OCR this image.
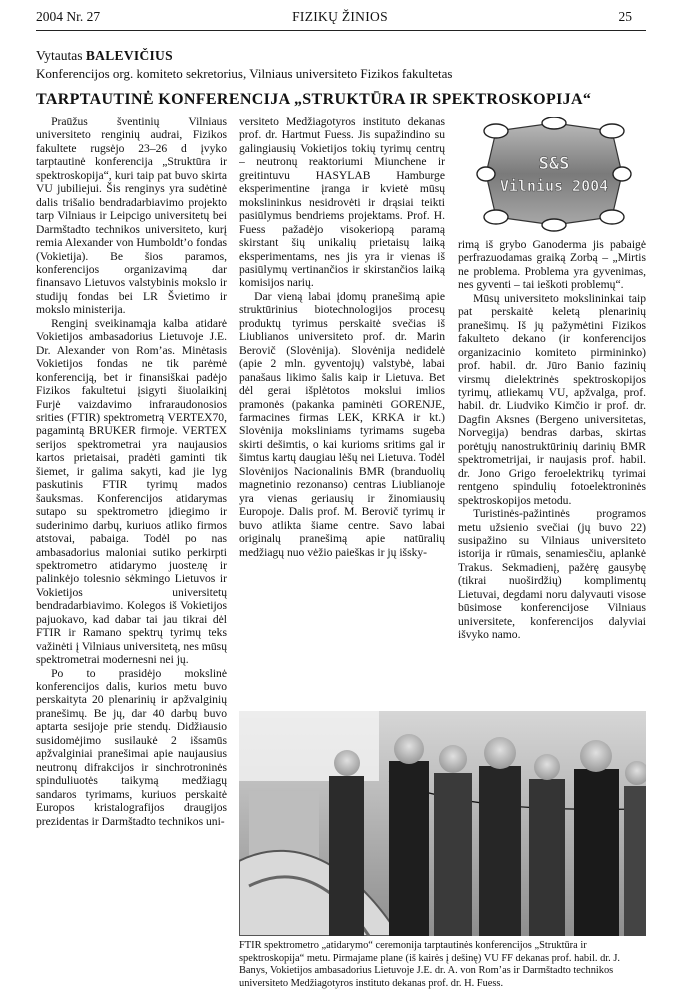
2004 Nr. 27	FIZIKŲ ŽINIOS	25
Vytautas BALEVIČIUS
Konferencijos org. komiteto sekretorius, Vilniaus universiteto Fizikos fakultetas
TARPTAUTINĖ KONFERENCIJA „STRUKTŪRA IR SPEKTROSKOPIJA“

Praūžus šventinių Vilniaus universiteto renginių audrai, Fizikos fakultete rugsėjo 23–26 d įvyko tarptautinė konferencija „Struktūra ir spektroskopija“, kuri taip pat buvo skirta VU jubiliejui. Šis renginys yra sudėtinė dalis trišalio bendradarbiavimo projekto tarp Vilniaus ir Leipcigo universitetų bei Darmštadto technikos universiteto, kurį remia Alexander von Humboldt’o fondas (Vokietija). Be šios paramos, konferencijos organizavimą dar finansavo Lietuvos valstybinis mokslo ir studijų fondas bei LR Švietimo ir mokslo ministerija.

Renginį sveikinamąja kalba atidarė Vokietijos ambasadorius Lietuvoje J.E. Dr. Alexander von Rom’as. Minėtasis Vokietijos fondas ne tik parėmė konferenciją, bet ir finansiškai padėjo Fizikos fakultetui įsigyti šiuolaikinį Furjė vaizdavimo infraraudonosios srities (FTIR) spektrometrą VERTEX70, pagamintą BRUKER firmoje. VERTEX serijos spektrometrai yra naujausios kartos prietaisai, pradėti gaminti tik šiemet, ir galima sakyti, kad jie lyg paskutinis FTIR tyrimų mados šauksmas. Konferencijos atidarymas sutapo su spektrometro įdiegimo ir suderinimo darbų, kuriuos atliko firmos atstovai, pabaiga. Todėl po nas ambasadorius maloniai sutiko perkirpti spektrometro atidarymo juosteлę ir palinkėjo tolesnio sėkmingo Lietuvos ir Vokietijos universitetų bendradarbiavimo. Kolegos iš Vokietijos pajuokavo, kad dabar tai jau tikrai dėl FTIR ir Ramano spektrų tyrimų teks važinėti į Vilniaus universitetą, nes mūsų spektrometrai modernesni nei jų.

Po to prasidėjo mokslinė konferencijos dalis, kurios metu buvo perskaityta 20 plenarinių ir apžvalginių pranešimų. Be jų, dar 40 darbų buvo aptarta sesijoje prie stendų. Didžiausio susidomėjimo susilaukė 2 išsamūs apžvalginiai pranešimai apie naujausius neutronų difrakcijos ir sinchrotroninės spinduliuotės taikymą medžiagų sandaros tyrimams, kuriuos perskaitė Europos kristalografijos draugijos prezidentas ir Darmštadto technikos uni-

versiteto Medžiagotyros instituto dekanas prof. dr. Hartmut Fuess. Jis supažindino su galingiausių Vokietijos tokių tyrimų centrų – neutronų reaktoriumi Miunchene ir greitintuvu HASYLAB Hamburge eksperimentine įranga ir kvietė mūsų mokslininkus nesidrovėti ir drąsiai teikti pasiūlymus bendriems projektams. Prof. H. Fuess pažadėjo visokeriopą paramą skirstant šių unikalių prietaisų laiką eksperimentams, nes jis yra ir vienas iš pasiūlymų vertinančios ir skirstančios laiką komisijos narių.

Dar vieną labai įdomų pranešimą apie struktūrinius biotechnologijos procesų produktų tyrimus perskaitė svečias iš Liublianos universiteto prof. dr. Marin Berovič (Slovėnija). Slovėnija nedidelė (apie 2 mln. gyventojų) valstybė, labai panašaus likimo šalis kaip ir Lietuva. Bet dėl gerai išplėtotos mokslui imlios pramonės (pakanka paminėti GORENJE, farmacines firmas LEK, KRKA ir kt.) Slovėnija moksliniams tyrimams sugeba skirti dešimtis, o kai kurioms sritims gal ir šimtus kartų daugiau lėšų nei Lietuva. Todėl Slovėnijos Nacionalinis BMR (branduolių magnetinio rezonanso) centras Liublianoje yra vienas geriausių ir žinomiausių Europoje. Dalis prof. M. Berovič tyrimų ir buvo atlikta šiame centre. Savo labai originalų pranešimą apie natūralių medžiagų nuo vėžio paieškas ir jų išsky-

S&S
Vilnius 2004

rimą iš grybo Ganoderma jis pabaigė perfrazuodamas graiką Zorbą – „Mirtis ne problema. Problema yra gyvenimas, nes gyventi – tai ieškoti problemų“.

Mūsų universiteto mokslininkai taip pat perskaitė keletą plenarinių pranešimų. Iš jų pažymėtini Fizikos fakulteto dekano (ir konferencijos organizacinio komiteto pirmininko) prof. habil. dr. Jūro Banio fazinių virsmų dielektrinės spektroskopijos tyrimų, atliekamų VU, apžvalga, prof. habil. dr. Liudviko Kimčio ir prof. dr. Dagfin Aksnes (Bergeno universitetas, Norvegija) bendras darbas, skirtas porėtųjų nanostruktūrinių darinių BMR spektrometrijai, ir naujasis prof. habil. dr. Jono Grigo feroelektrikų tyrimai rentgeno spindulių fotoelektroninės spektroskopijos metodu.

Turistinės-pažintinės programos metu užsienio svečiai (jų buvo 22) susipažino su Vilniaus universiteto istorija ir rūmais, senamiesčiu, aplankė Trakus. Sekmadienį, pažėrę gausybę (tikrai nuoširdžių) komplimentų Lietuvai, degdami noru dalyvauti visose būsimose konferencijose Vilniaus universitete, konferencijos dalyviai išvyko namo.

FTIR spektrometro „atidarymo“ ceremonija tarptautinės konferencijos „Struktūra ir spektroskopija“ metu. Pirmajame plane (iš kairės į dešinę) VU FF dekanas prof. habil. dr. J. Banys, Vokietijos ambasadorius Lietuvoje J.E. dr. A. von Rom’as ir Darmštadto technikos universiteto Medžiagotyros instituto dekanas prof. dr. H. Fuess.
